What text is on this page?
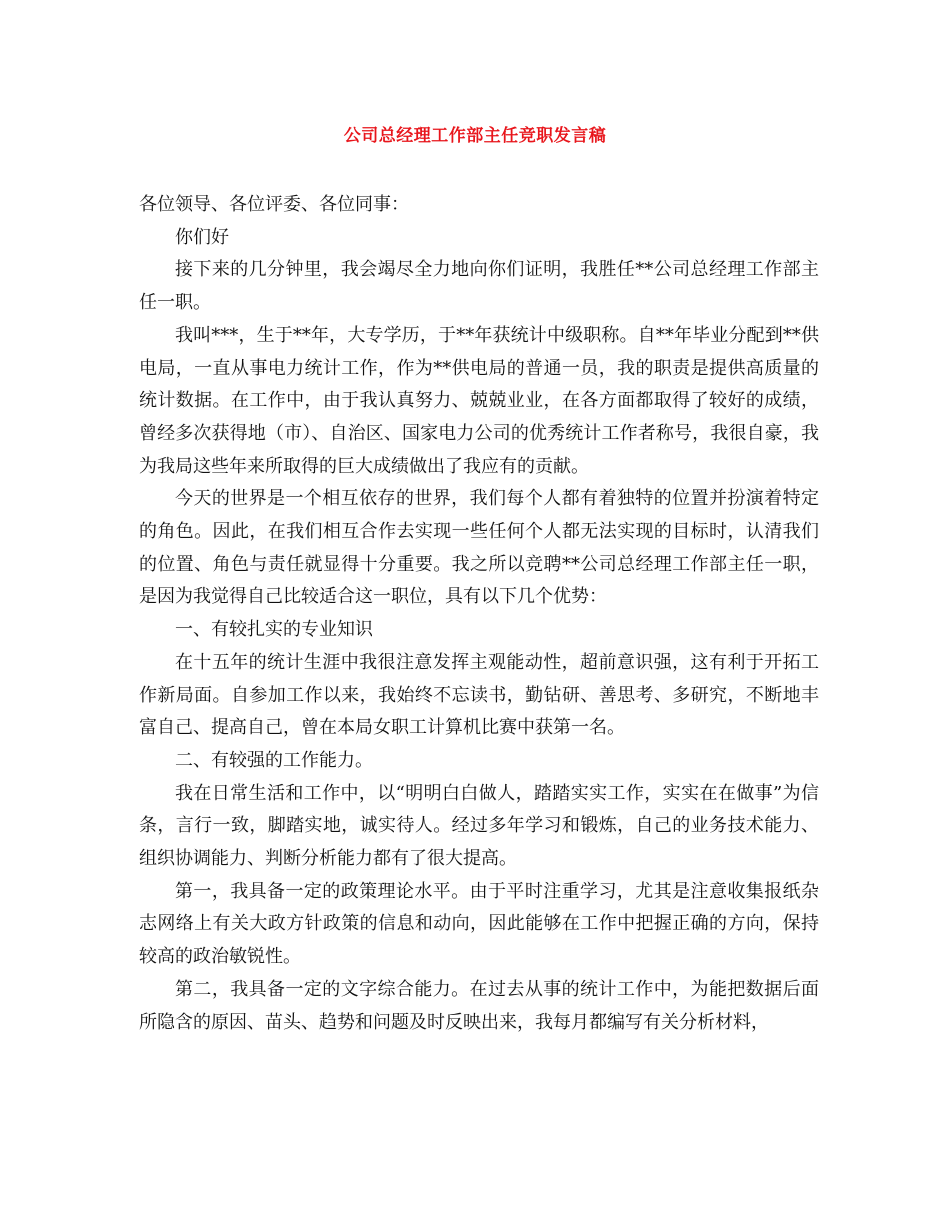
公司总经理工作部主任竞职发言稿

各位领导、各位评委、各位同事：

你们好

接下来的几分钟里，我会竭尽全力地向你们证明，我胜任**公司总经理工作部主任一职。

我叫***，生于**年，大专学历，于**年获统计中级职称。自**年毕业分配到**供电局，一直从事电力统计工作，作为**供电局的普通一员，我的职责是提供高质量的统计数据。在工作中，由于我认真努力、兢兢业业，在各方面都取得了较好的成绩，曾经多次获得地（市）、自治区、国家电力公司的优秀统计工作者称号，我很自豪，我为我局这些年来所取得的巨大成绩做出了我应有的贡献。

今天的世界是一个相互依存的世界，我们每个人都有着独特的位置并扮演着特定的角色。因此，在我们相互合作去实现一些任何个人都无法实现的目标时，认清我们的位置、角色与责任就显得十分重要。我之所以竞聘**公司总经理工作部主任一职，是因为我觉得自己比较适合这一职位，具有以下几个优势：

一、有较扎实的专业知识

在十五年的统计生涯中我很注意发挥主观能动性，超前意识强，这有利于开拓工作新局面。自参加工作以来，我始终不忘读书，勤钻研、善思考、多研究，不断地丰富自己、提高自己，曾在本局女职工计算机比赛中获第一名。

二、有较强的工作能力。

我在日常生活和工作中，以“明明白白做人，踏踏实实工作，实实在在做事”为信条，言行一致，脚踏实地，诚实待人。经过多年学习和锻炼，自己的业务技术能力、组织协调能力、判断分析能力都有了很大提高。

第一，我具备一定的政策理论水平。由于平时注重学习，尤其是注意收集报纸杂志网络上有关大政方针政策的信息和动向，因此能够在工作中把握正确的方向，保持较高的政治敏锐性。

第二，我具备一定的文字综合能力。在过去从事的统计工作中，为能把数据后面所隐含的原因、苗头、趋势和问题及时反映出来，我每月都编写有关分析材料，
